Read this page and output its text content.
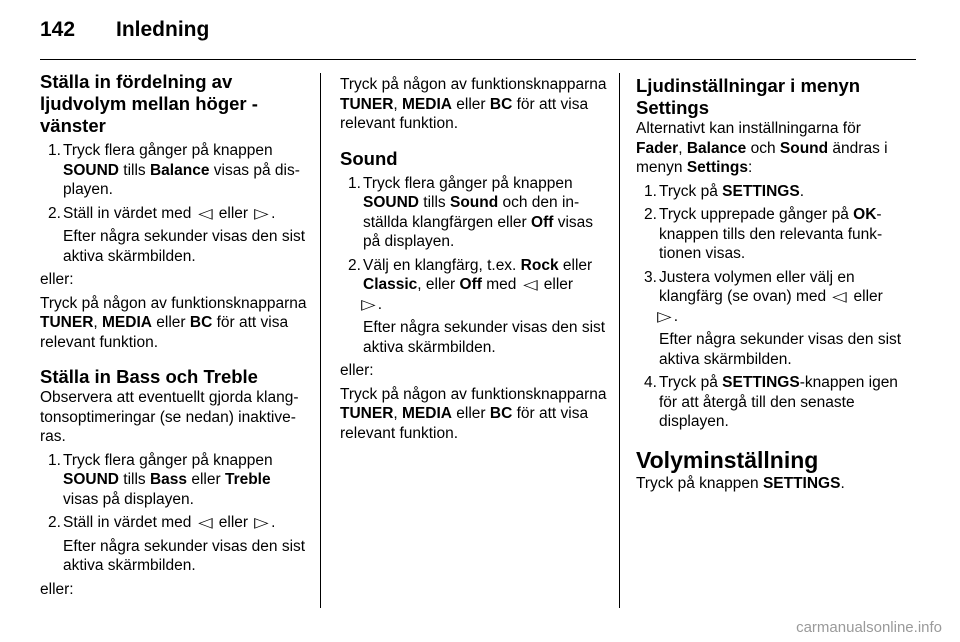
142 Inledning

Ställa in fördelning av ljudvolym mellan höger - vänster

1. Tryck flera gånger på knappen SOUND tills Balance visas på displayen.
2. Ställ in värdet med ◁ eller ▷ .
Efter några sekunder visas den sist aktiva skärmbilden.

eller:

Tryck på någon av funktionsknapparna TUNER, MEDIA eller BC för att visa relevant funktion.

Ställa in Bass och Treble

Observera att eventuellt gjorda klangtonsoptimeringar (se nedan) inaktiveras.

1. Tryck flera gånger på knappen SOUND tills Bass eller Treble visas på displayen.
2. Ställ in värdet med ◁ eller ▷ .
Efter några sekunder visas den sist aktiva skärmbilden.

eller:

Tryck på någon av funktionsknapparna TUNER, MEDIA eller BC för att visa relevant funktion.

Sound

1. Tryck flera gånger på knappen SOUND tills Sound och den inställda klangfärgen eller Off visas på displayen.
2. Välj en klangfärg, t.ex. Rock eller Classic, eller Off med ◁ eller
▷ .
Efter några sekunder visas den sist aktiva skärmbilden.

eller:

Tryck på någon av funktionsknapparna TUNER, MEDIA eller BC för att visa relevant funktion.

Ljudinställningar i menyn Settings

Alternativt kan inställningarna för Fader, Balance och Sound ändras i menyn Settings:

1. Tryck på SETTINGS.
2. Tryck upprepade gånger på OK-knappen tills den relevanta funktionen visas.
3. Justera volymen eller välj en klangfärg (se ovan) med ◁ eller
▷ .
Efter några sekunder visas den sist aktiva skärmbilden.
4. Tryck på SETTINGS-knappen igen för att återgå till den senaste displayen.

Volyminställning

Tryck på knappen SETTINGS.

carmanualsonline.info
